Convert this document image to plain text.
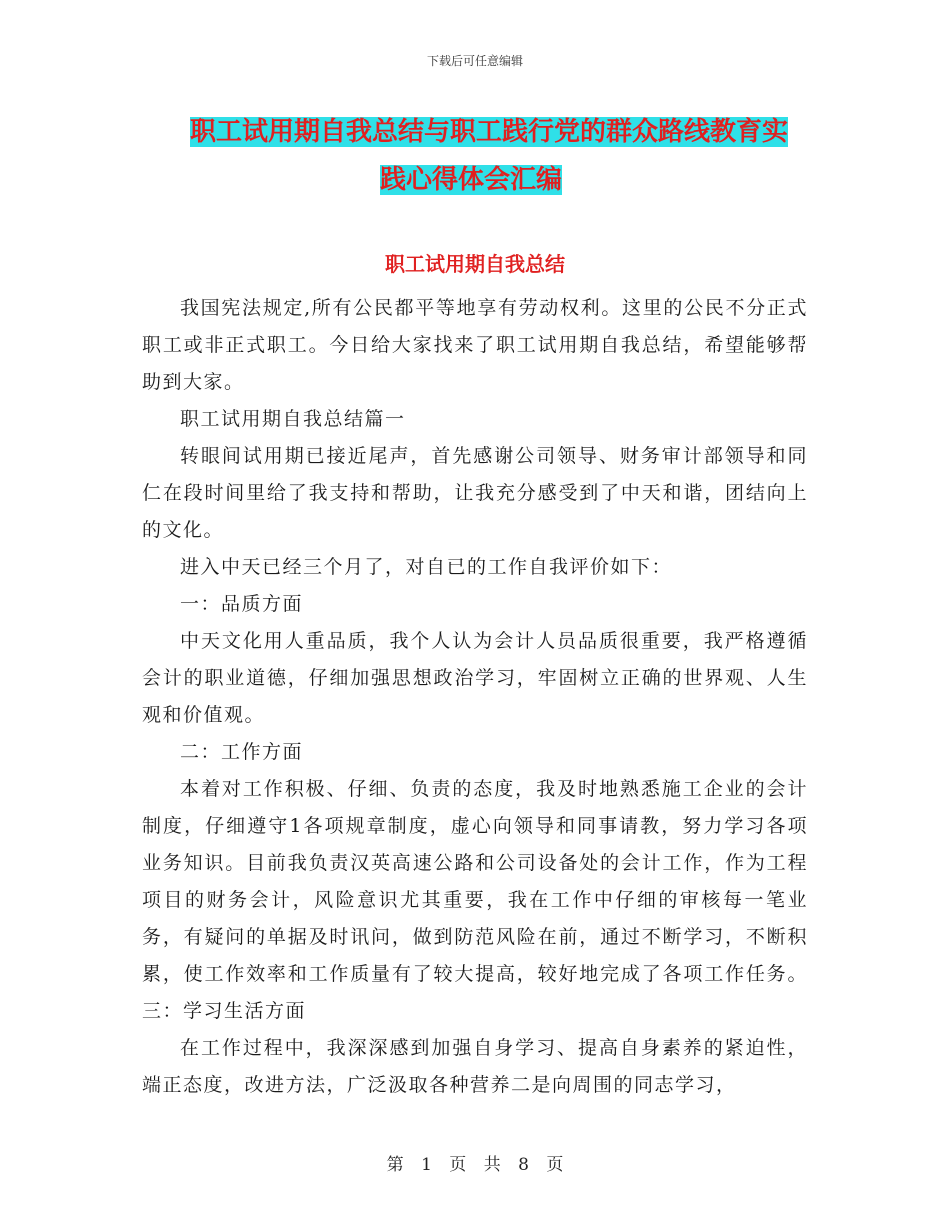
下载后可任意编辑
职工试用期自我总结与职工践行党的群众路线教育实
践心得体会汇编
职工试用期自我总结

我国宪法规定,所有公民都平等地享有劳动权利。这里的公民不分正式职工或非正式职工。今日给大家找来了职工试用期自我总结，希望能够帮助到大家。

职工试用期自我总结篇一

转眼间试用期已接近尾声，首先感谢公司领导、财务审计部领导和同仁在段时间里给了我支持和帮助，让我充分感受到了中天和谐，团结向上的文化。

进入中天已经三个月了，对自已的工作自我评价如下：

一：品质方面

中天文化用人重品质，我个人认为会计人员品质很重要，我严格遵循会计的职业道德，仔细加强思想政治学习，牢固树立正确的世界观、人生观和价值观。

二：工作方面

本着对工作积极、仔细、负责的态度，我及时地熟悉施工企业的会计制度，仔细遵守1各项规章制度，虚心向领导和同事请教，努力学习各项业务知识。目前我负责汉英高速公路和公司设备处的会计工作，作为工程项目的财务会计，风险意识尤其重要，我在工作中仔细的审核每一笔业务，有疑问的单据及时讯问，做到防范风险在前，通过不断学习，不断积累，使工作效率和工作质量有了较大提高，较好地完成了各项工作任务。 三：学习生活方面

在工作过程中，我深深感到加强自身学习、提高自身素养的紧迫性，端正态度，改进方法，广泛汲取各种营养二是向周围的同志学习，

第 1 页 共 8 页
